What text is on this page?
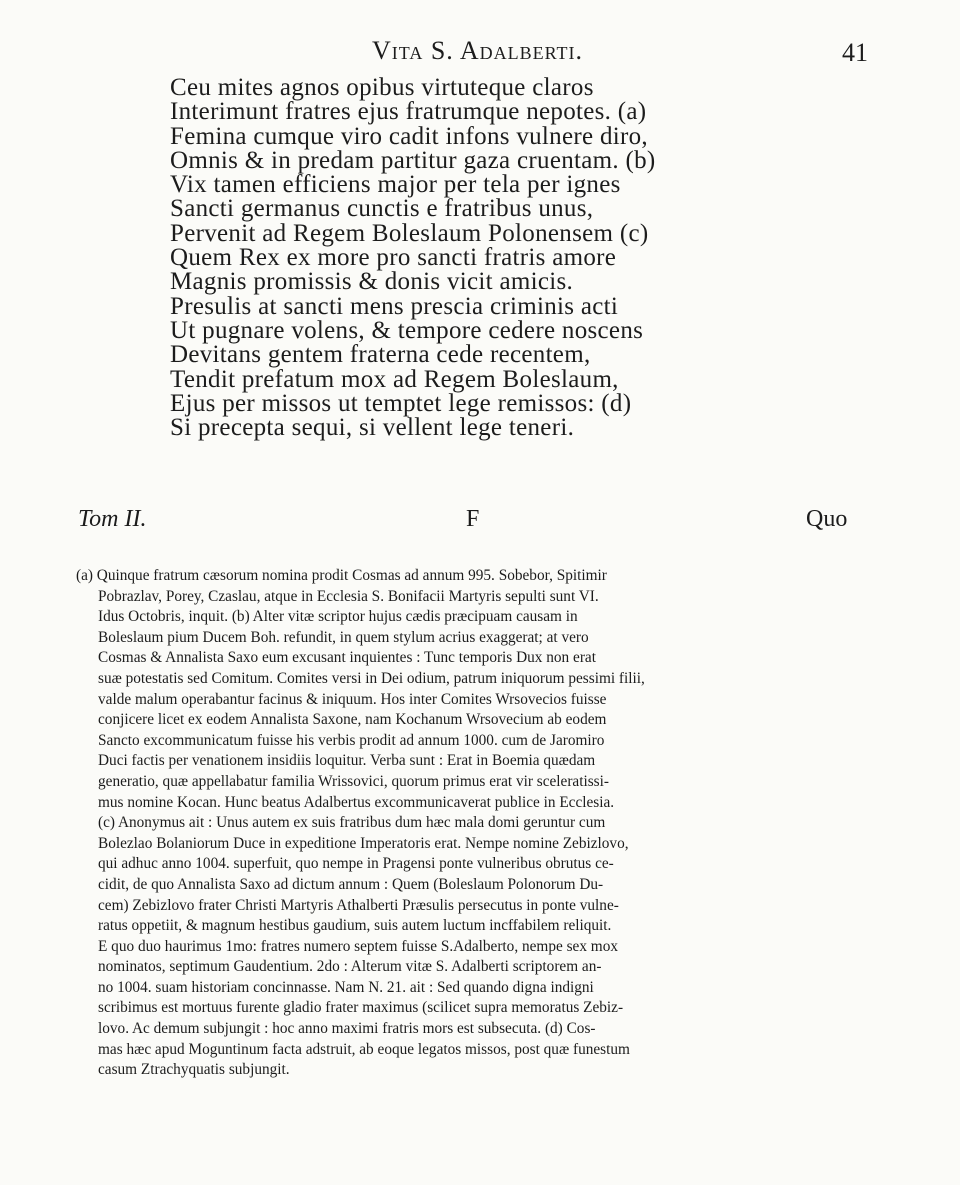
Vita S. Adalberti.	41
Ceu mites agnos opibus virtuteque claros
Interimunt fratres ejus fratrumque nepotes. (a)
Femina cumque viro cadit infons vulnere diro,
Omnis & in predam partitur gaza cruentam. (b)
Vix tamen efficiens major per tela per ignes
Sancti germanus cunctis e fratribus unus,
Pervenit ad Regem Boleslaum Polonensem (c)
Quem Rex ex more pro sancti fratris amore
Magnis promissis & donis vicit amicis.
Presulis at sancti mens prescia criminis acti
Ut pugnare volens, & tempore cedere noscens
Devitans gentem fraterna cede recentem,
Tendit prefatum mox ad Regem Boleslaum,
Ejus per missos ut temptet lege remissos: (d)
Si precepta sequi, si vellent lege teneri.
Tom II.	F	Quo
(a) Quinque fratrum cæsorum nomina prodit Cosmas ad annum 995. Sobebor, Spitimir
Pobrazlav, Porey, Czaslau, atque in Ecclesia S. Bonifacii Martyris sepulti sunt VI.
Idus Octobris, inquit. (b) Alter vitæ scriptor hujus cædis præcipuam causam in
Boleslaum pium Ducem Boh. refundit, in quem stylum acrius exaggerat; at vero
Cosmas & Annalista Saxo eum excusant inquientes : Tunc temporis Dux non erat
suæ potestatis sed Comitum. Comites versi in Dei odium, patrum iniquorum pessimi filii,
valde malum operabantur facinus & iniquum. Hos inter Comites Wrsovecios fuisse
conjicere licet ex eodem Annalista Saxone, nam Kochanum Wrsovecium ab eodem
Sancto excommunicatum fuisse his verbis prodit ad annum 1000. cum de Jaromiro
Duci factis per venationem insidiis loquitur. Verba sunt : Erat in Boemia quædam
generatio, quæ appellabatur familia Wrissovici, quorum primus erat vir sceleratissi-
mus nomine Kocan. Hunc beatus Adalbertus excommunicaverat publice in Ecclesia.
(c) Anonymus ait : Unus autem ex suis fratribus dum hæc mala domi geruntur cum
Bolezlao Bolaniorum Duce in expeditione Imperatoris erat. Nempe nomine Zebizlovo,
qui adhuc anno 1004. superfuit, quo nempe in Pragensi ponte vulneribus obrutus ce-
cidit, de quo Annalista Saxo ad dictum annum : Quem (Boleslaum Polonorum Du-
cem) Zebizlovo frater Christi Martyris Athalberti Præsulis persecutus in ponte vulne-
ratus oppetiit, & magnum hestibus gaudium, suis autem luctum incffabilem reliquit.
E quo duo haurimus 1mo: fratres numero septem fuisse S.Adalberto, nempe sex mox
nominatos, septimum Gaudentium. 2do : Alterum vitæ S. Adalberti scriptorem an-
no 1004. suam historiam concinnasse. Nam N. 21. ait : Sed quando digna indigni
scribimus est mortuus furente gladio frater maximus (scilicet supra memoratus Zebiz-
lovo. Ac demum subjungit : hoc anno maximi fratris mors est subsecuta. (d) Cos-
mas hæc apud Moguntinum facta adstruit, ab eoque legatos missos, post quæ funestum
casum Ztrachyquatis subjungit.
